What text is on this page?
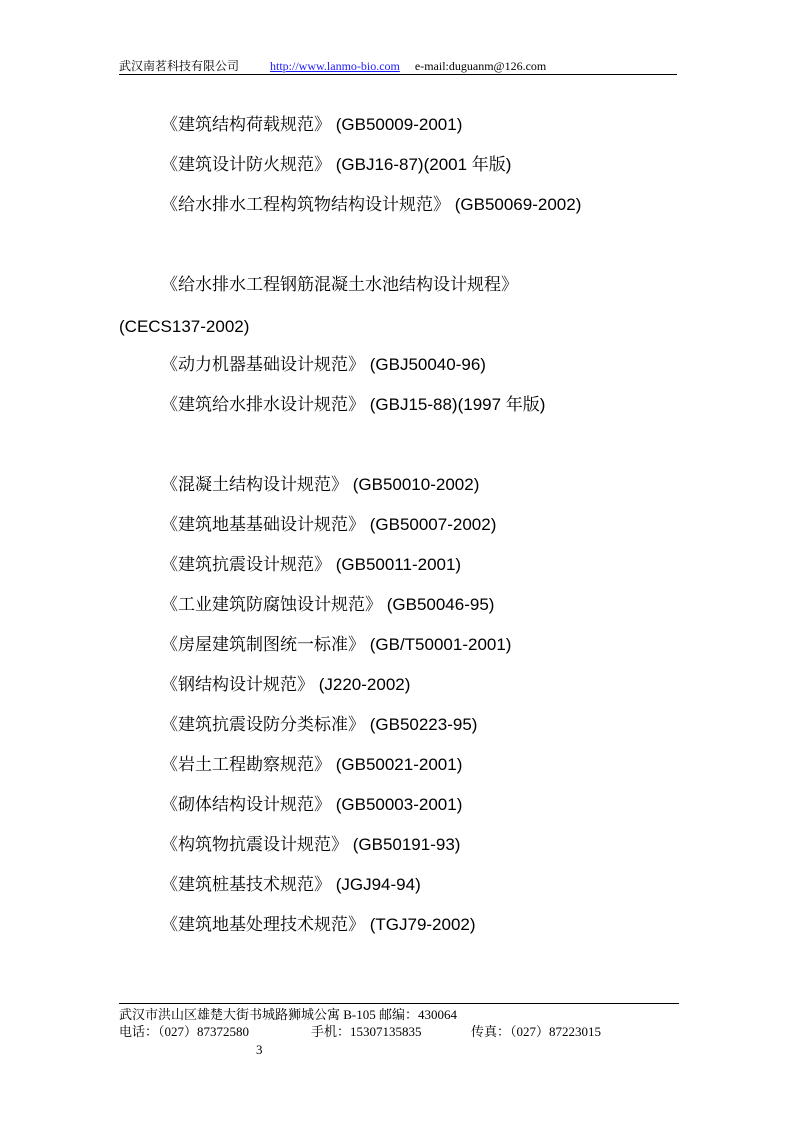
武汉南茗科技有限公司	http://www.lanmo-bio.com e-mail:duguanm@126.com
《建筑结构荷载规范》 (GB50009-2001)
《建筑设计防火规范》 (GBJ16-87)(2001 年版)
《给水排水工程构筑物结构设计规范》 (GB50069-2002)
《给水排水工程钢筋混凝土水池结构设计规程》
(CECS137-2002)
《动力机器基础设计规范》 (GBJ50040-96)
《建筑给水排水设计规范》 (GBJ15-88)(1997 年版)
《混凝土结构设计规范》 (GB50010-2002)
《建筑地基基础设计规范》 (GB50007-2002)
《建筑抗震设计规范》 (GB50011-2001)
《工业建筑防腐蚀设计规范》 (GB50046-95)
《房屋建筑制图统一标准》 (GB/T50001-2001)
《钢结构设计规范》 (J220-2002)
《建筑抗震设防分类标准》 (GB50223-95)
《岩土工程勘察规范》 (GB50021-2001)
《砌体结构设计规范》 (GB50003-2001)
《构筑物抗震设计规范》 (GB50191-93)
《建筑桩基技术规范》 (JGJ94-94)
《建筑地基处理技术规范》 (TGJ79-2002)
武汉市洪山区雄楚大街书城路狮城公寓 B-105 邮编：430064
电话：（027）87372580	手机：15307135835	传真：（027）87223015
3
